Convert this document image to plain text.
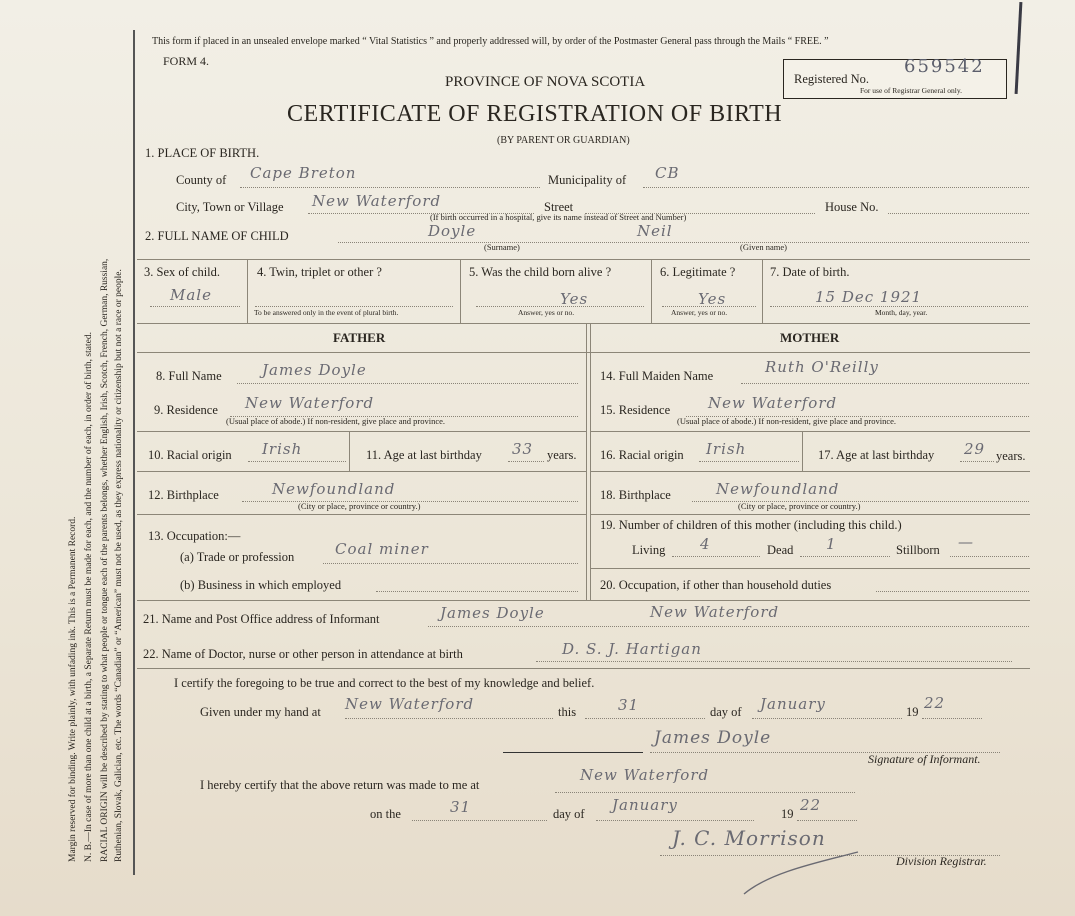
Margin reserved for binding. Write plainly, with unfading ink. This is a Permanent Record. N. B.—In case of more than one child at a birth, a Separate Return must be made for each, and the number of each, in order of birth, stated. RACIAL ORIGIN will be described by stating to what people or tongue each of the parents belongs, whether English, Irish, Scotch, French, German, Russian, Ruthenian, Slovak, Galician, etc. The words “Canadian” or “American” must not be used, as they express nationality or citizenship but not a race or people.
This form if placed in an unsealed envelope marked “ Vital Statistics ” and properly addressed will, by order of the Postmaster General pass through the Mails “ FREE. ”
FORM 4.
PROVINCE OF NOVA SCOTIA
CERTIFICATE OF REGISTRATION OF BIRTH
(BY PARENT OR GUARDIAN)
Registered No.
659542
For use of Registrar General only.
1. PLACE OF BIRTH.
County of Cape Breton	Municipality of CB
City, Town or Village New Waterford	Street	House No.
(If birth occurred in a hospital, give its name instead of Street and Number)
2. FULL NAME OF CHILD	Doyle	Neil
(Surname)	(Given name)
3. Sex of child.
Male
4. Twin, triplet or other ?
To be answered only in the event of plural birth.
5. Was the child born alive ?
Yes
Answer, yes or no.
6. Legitimate ?
Yes
Answer, yes or no.
7. Date of birth.
15 Dec 1921
Month, day, year.
FATHER	MOTHER
8. Full Name	James Doyle
9. Residence New Waterford
(Usual place of abode.) If non-resident, give place and province.
10. Racial origin Irish	11. Age at last birthday 33 years.
12. Birthplace	Newfoundland
(City or place, province or country.)
13. Occupation:—
(a) Trade or profession	Coal miner
(b) Business in which employed
14. Full Maiden Name	Ruth O'Reilly
15. Residence	New Waterford
(Usual place of abode.) If non-resident, give place and province.
16. Racial origin Irish	17. Age at last birthday 29 years.
18. Birthplace	Newfoundland
(City or place, province or country.)
19. Number of children of this mother (including this child.)
Living 4	Dead 1	Stillborn —
20. Occupation, if other than household duties
21. Name and Post Office address of Informant	James Doyle	New Waterford
22. Name of Doctor, nurse or other person in attendance at birth	D. S. J. Hartigan
I certify the foregoing to be true and correct to the best of my knowledge and belief.
Given under my hand at New Waterford	this	31	day of January	19 22
James Doyle
Signature of Informant.
I hereby certify that the above return was made to me at
New Waterford
on the	31	day of January	19 22
J. C. Morrison
Division Registrar.
